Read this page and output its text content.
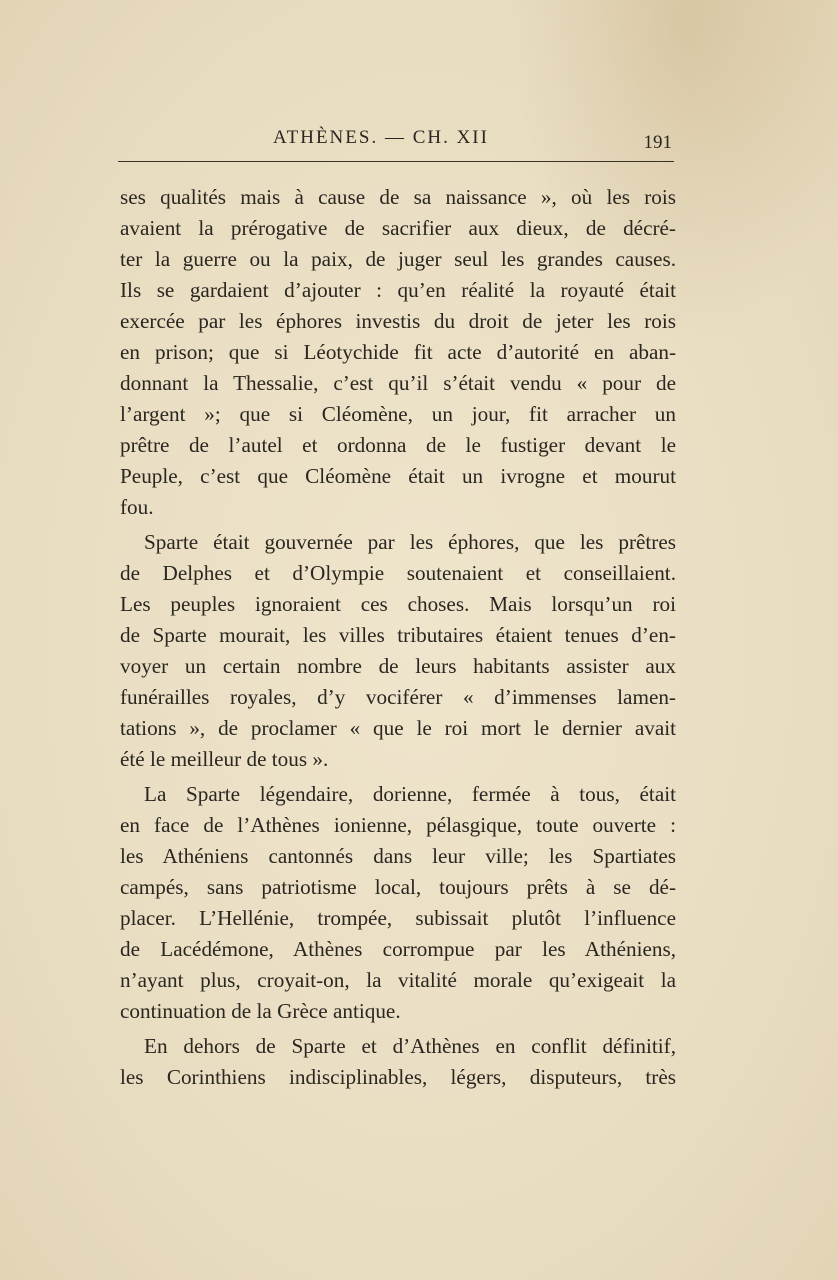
ATHÈNES. — CH. XII	191
ses qualités mais à cause de sa naissance », où les rois
avaient la prérogative de sacrifier aux dieux, de décré-
ter la guerre ou la paix, de juger seul les grandes causes.
Ils se gardaient d’ajouter : qu’en réalité la royauté était
exercée par les éphores investis du droit de jeter les rois
en prison; que si Léotychide fit acte d’autorité en aban-
donnant la Thessalie, c’est qu’il s’était vendu « pour de
l’argent »; que si Cléomène, un jour, fit arracher un
prêtre de l’autel et ordonna de le fustiger devant le
Peuple, c’est que Cléomène était un ivrogne et mourut
fou.
Sparte était gouvernée par les éphores, que les prêtres
de Delphes et d’Olympie soutenaient et conseillaient.
Les peuples ignoraient ces choses. Mais lorsqu’un roi
de Sparte mourait, les villes tributaires étaient tenues d’en-
voyer un certain nombre de leurs habitants assister aux
funérailles royales, d’y vociférer « d’immenses lamen-
tations », de proclamer « que le roi mort le dernier avait
été le meilleur de tous ».
La Sparte légendaire, dorienne, fermée à tous, était
en face de l’Athènes ionienne, pélasgique, toute ouverte :
les Athéniens cantonnés dans leur ville; les Spartiates
campés, sans patriotisme local, toujours prêts à se dé-
placer. L’Hellénie, trompée, subissait plutôt l’influence
de Lacédémone, Athènes corrompue par les Athéniens,
n’ayant plus, croyait-on, la vitalité morale qu’exigeait la
continuation de la Grèce antique.
En dehors de Sparte et d’Athènes en conflit définitif,
les Corinthiens indisciplinables, légers, disputeurs, très
